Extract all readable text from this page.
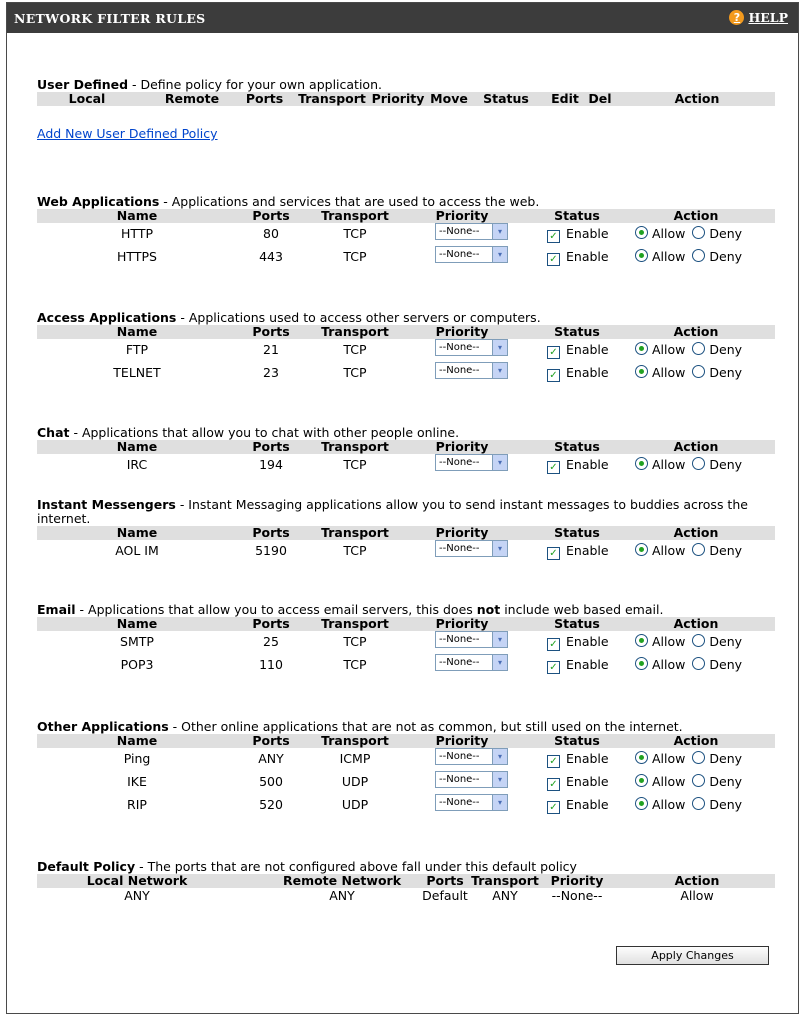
NETWORK FILTER RULES	? HELP
User Defined - Define policy for your own application.
Local	Remote	Ports	Transport Priority Move	Status	Edit Del	Action
Add New User Defined Policy
Web Applications - Applications and services that are used to access the web.
Name	Ports	Transport	Priority	Status	Action
HTTP	80	TCP	--None--	▾	✓ Enable	Allow Deny
HTTPS	443	TCP	--None--	▾	✓ Enable	Allow Deny
Access Applications - Applications used to access other servers or computers.
Name	Ports	Transport	Priority	Status	Action
FTP	21	TCP	--None--	▾	✓ Enable	Allow Deny
TELNET	23	TCP	--None--	▾	✓ Enable	Allow Deny
Chat - Applications that allow you to chat with other people online.
Name	Ports	Transport	Priority	Status	Action
IRC	194	TCP	--None--	▾	✓ Enable	Allow Deny
Instant Messengers - Instant Messaging applications allow you to send instant messages to buddies across the
internet.
Name	Ports	Transport	Priority	Status	Action
AOL IM	5190	TCP	--None--	▾	✓ Enable	Allow Deny
Email - Applications that allow you to access email servers, this does not include web based email.
Name	Ports	Transport	Priority	Status	Action
SMTP	25	TCP	--None--	▾	✓ Enable	Allow Deny
POP3	110	TCP	--None--	▾	✓ Enable	Allow Deny
Other Applications - Other online applications that are not as common, but still used on the internet.
Name	Ports	Transport	Priority	Status	Action
Ping	ANY	ICMP	--None--	▾	✓ Enable	Allow Deny
IKE	500	UDP	--None--	▾	✓ Enable	Allow Deny
RIP	520	UDP	--None--	▾	✓ Enable	Allow Deny
Default Policy - The ports that are not configured above fall under this default policy
Local Network	Remote Network	Ports Transport Priority	Action
ANY	ANY	Default	ANY	--None--	Allow
Apply Changes
